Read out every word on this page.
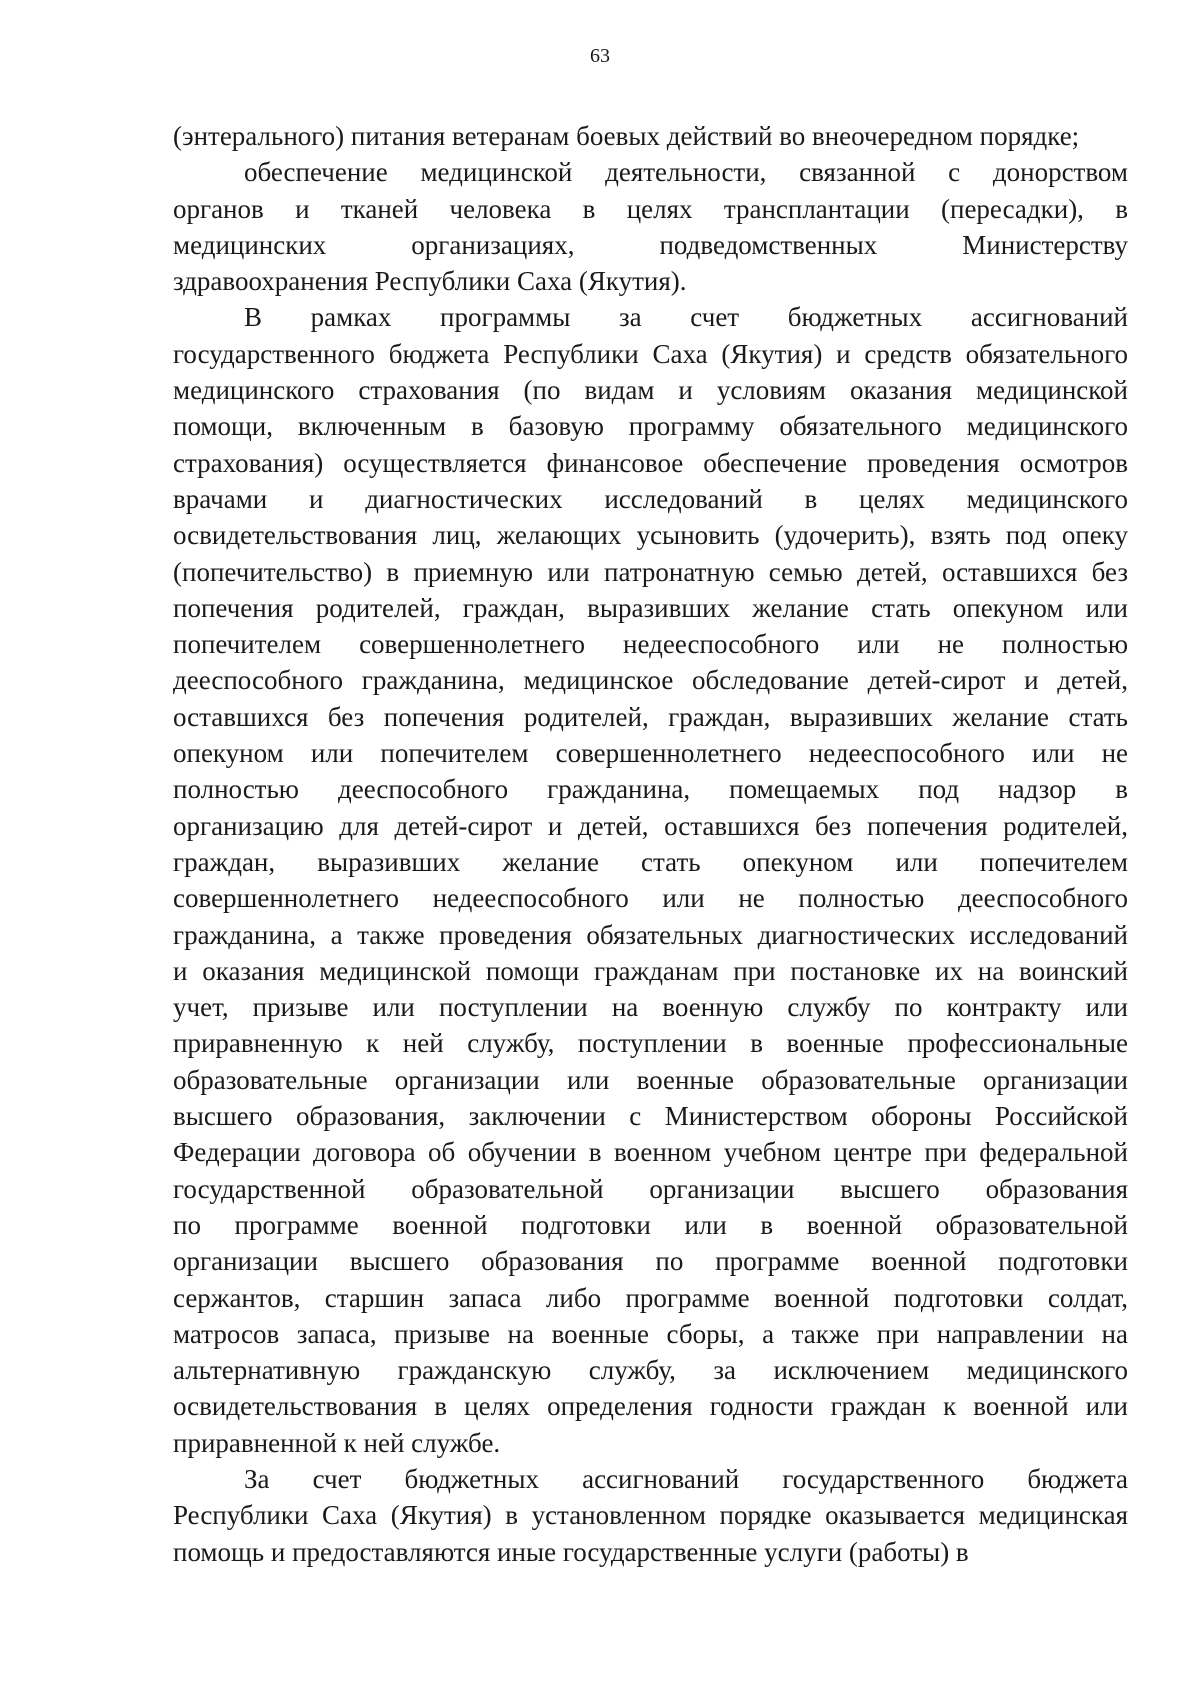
63
(энтерального) питания ветеранам боевых действий во внеочередном порядке;
обеспечение медицинской деятельности, связанной с донорством
органов и тканей человека в целях трансплантации (пересадки), в
медицинских организациях, подведомственных Министерству
здравоохранения Республики Саха (Якутия).
В рамках программы за счет бюджетных ассигнований
государственного бюджета Республики Саха (Якутия) и средств обязательного
медицинского страхования (по видам и условиям оказания медицинской
помощи, включенным в базовую программу обязательного медицинского
страхования) осуществляется финансовое обеспечение проведения осмотров
врачами и диагностических исследований в целях медицинского
освидетельствования лиц, желающих усыновить (удочерить), взять под опеку
(попечительство) в приемную или патронатную семью детей, оставшихся без
попечения родителей, граждан, выразивших желание стать опекуном или
попечителем совершеннолетнего недееспособного или не полностью
дееспособного гражданина, медицинское обследование детей-сирот и детей,
оставшихся без попечения родителей, граждан, выразивших желание стать
опекуном или попечителем совершеннолетнего недееспособного или не
полностью дееспособного гражданина, помещаемых под надзор в
организацию для детей-сирот и детей, оставшихся без попечения родителей,
граждан, выразивших желание стать опекуном или попечителем
совершеннолетнего недееспособного или не полностью дееспособного
гражданина, а также проведения обязательных диагностических исследований
и оказания медицинской помощи гражданам при постановке их на воинский
учет, призыве или поступлении на военную службу по контракту или
приравненную к ней службу, поступлении в военные профессиональные
образовательные организации или военные образовательные организации
высшего образования, заключении с Министерством обороны Российской
Федерации договора об обучении в военном учебном центре при федеральной
государственной образовательной организации высшего образования
по программе военной подготовки или в военной образовательной
организации высшего образования по программе военной подготовки
сержантов, старшин запаса либо программе военной подготовки солдат,
матросов запаса, призыве на военные сборы, а также при направлении на
альтернативную гражданскую службу, за исключением медицинского
освидетельствования в целях определения годности граждан к военной или
приравненной к ней службе.
За счет бюджетных ассигнований государственного бюджета
Республики Саха (Якутия) в установленном порядке оказывается медицинская
помощь и предоставляются иные государственные услуги (работы) в
